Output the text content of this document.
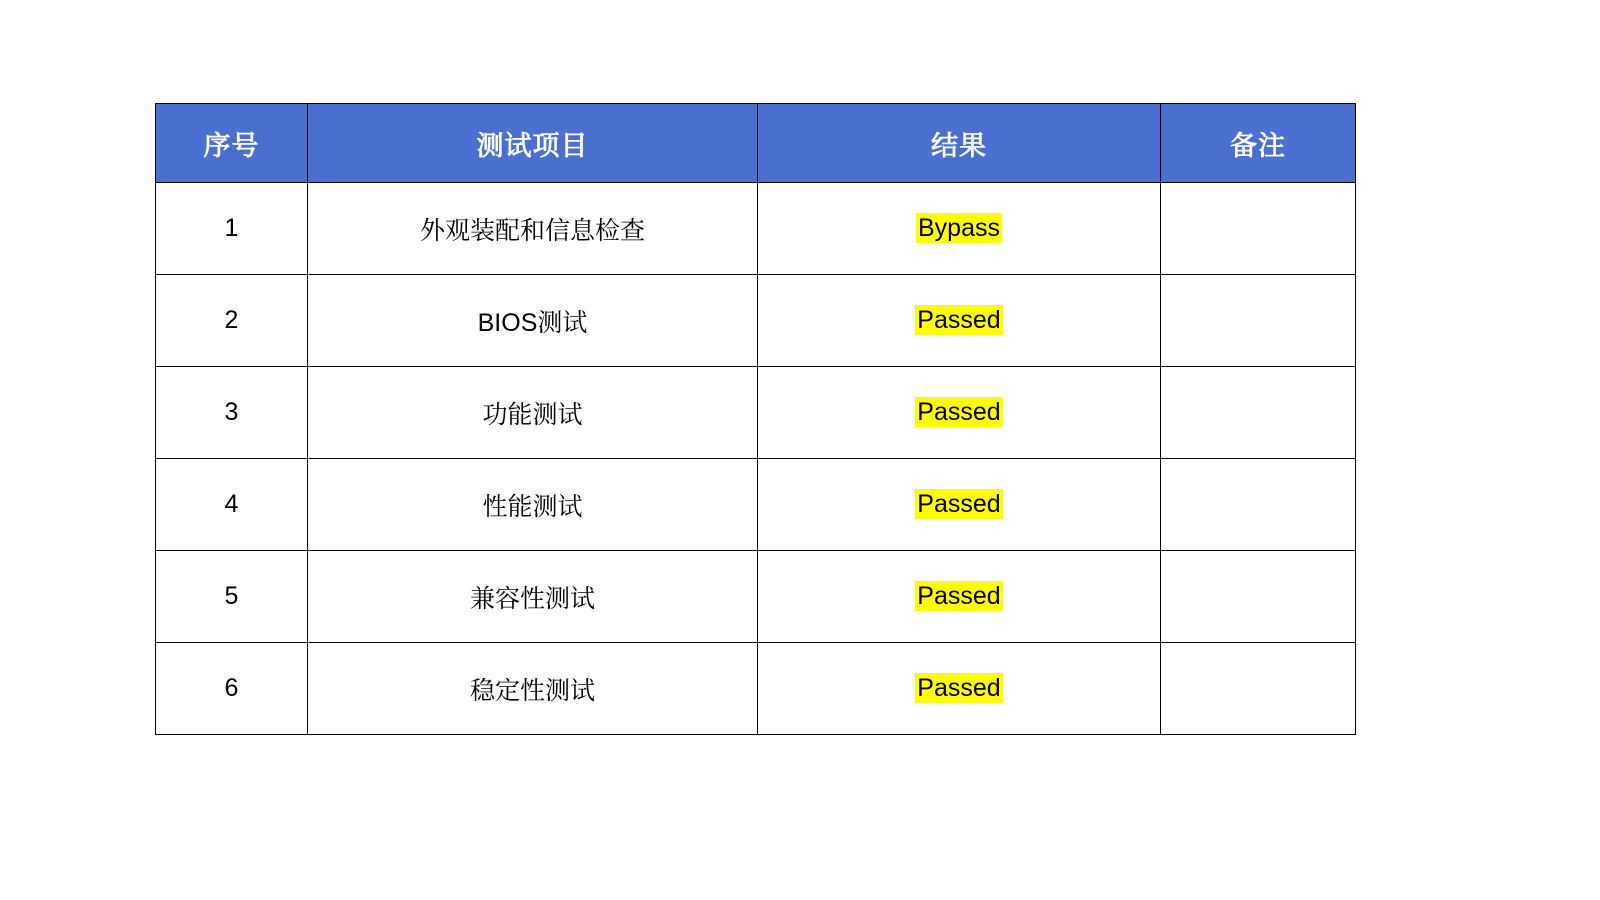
序号	测试项目	结果	备注
1	外观装配和信息检查	Bypass	
2	BIOS测试	Passed	
3	功能测试	Passed	
4	性能测试	Passed	
5	兼容性测试	Passed	
6	稳定性测试	Passed	
